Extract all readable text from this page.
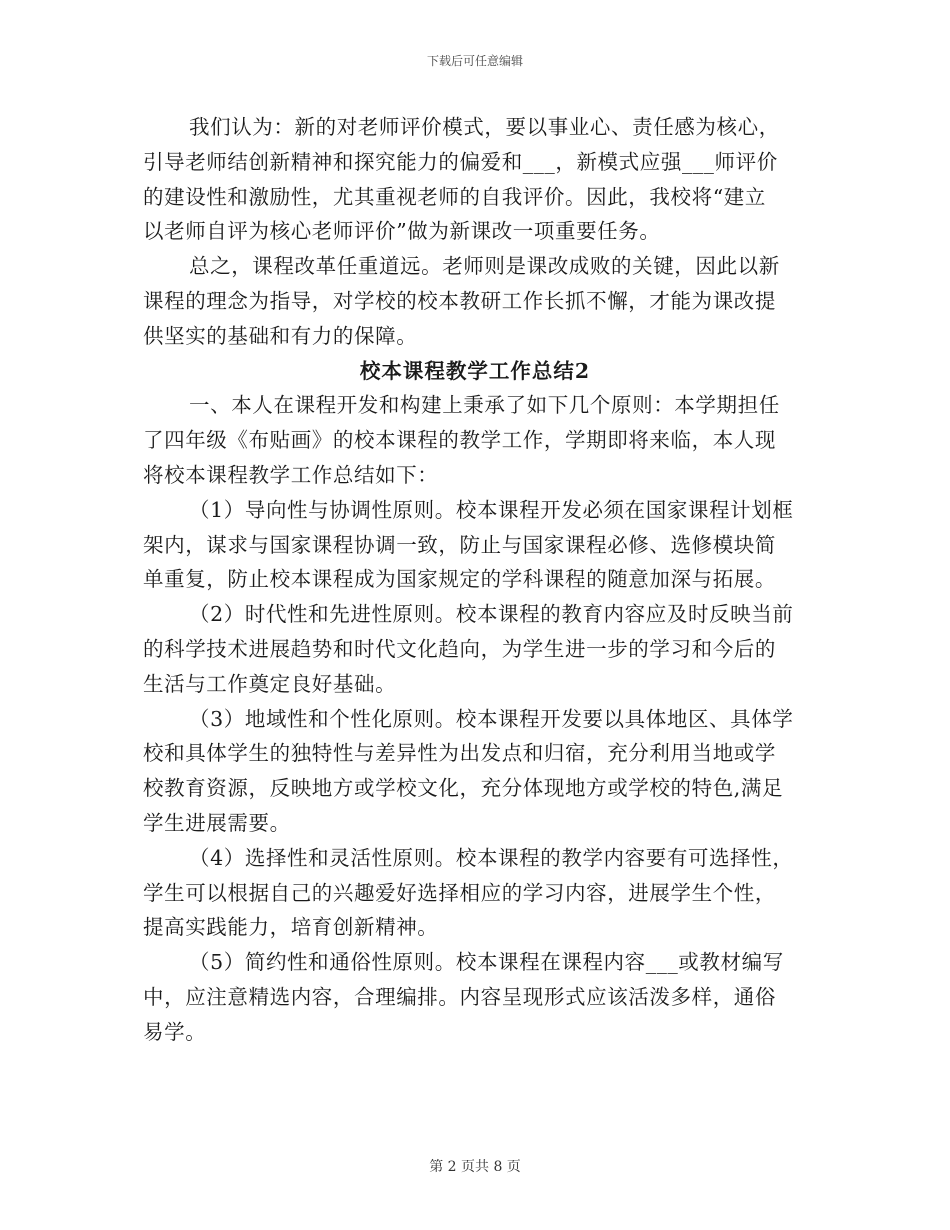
下载后可任意编辑
我们认为：新的对老师评价模式，要以事业心、责任感为核心，
引导老师结创新精神和探究能力的偏爱和___，新模式应强___师评价
的建设性和激励性，尤其重视老师的自我评价。因此，我校将“建立
以老师自评为核心老师评价”做为新课改一项重要任务。
总之，课程改革任重道远。老师则是课改成败的关键，因此以新
课程的理念为指导，对学校的校本教研工作长抓不懈，才能为课改提
供坚实的基础和有力的保障。
校本课程教学工作总结2
一、本人在课程开发和构建上秉承了如下几个原则：本学期担任
了四年级《布贴画》的校本课程的教学工作，学期即将来临，本人现
将校本课程教学工作总结如下：
（1）导向性与协调性原则。校本课程开发必须在国家课程计划框
架内，谋求与国家课程协调一致，防止与国家课程必修、选修模块简
单重复，防止校本课程成为国家规定的学科课程的随意加深与拓展。
（2）时代性和先进性原则。校本课程的教育内容应及时反映当前
的科学技术进展趋势和时代文化趋向，为学生进一步的学习和今后的
生活与工作奠定良好基础。
（3）地域性和个性化原则。校本课程开发要以具体地区、具体学
校和具体学生的独特性与差异性为出发点和归宿，充分利用当地或学
校教育资源，反映地方或学校文化，充分体现地方或学校的特色,满足
学生进展需要。
（4）选择性和灵活性原则。校本课程的教学内容要有可选择性，
学生可以根据自己的兴趣爱好选择相应的学习内容，进展学生个性，
提高实践能力，培育创新精神。
（5）简约性和通俗性原则。校本课程在课程内容___或教材编写
中，应注意精选内容，合理编排。内容呈现形式应该活泼多样，通俗
易学。
第 2 页共 8 页
